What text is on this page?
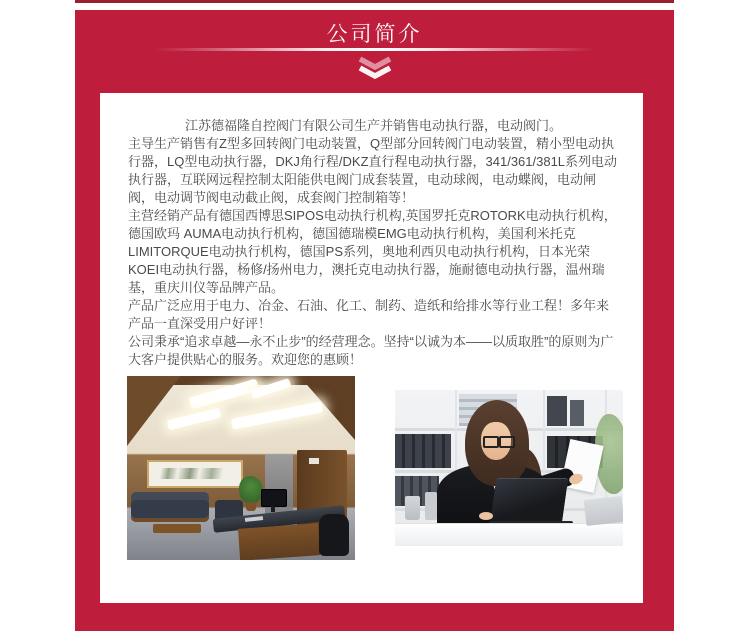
公司简介

江苏德福隆自控阀门有限公司生产并销售电动执行器，电动阀门。

主导生产销售有Z型多回转阀门电动装置，Q型部分回转阀门电动装置，精小型电动执行器，LQ型电动执行器，DKJ角行程/DKZ直行程电动执行器，341/361/381L系列电动执行器，互联网远程控制太阳能供电阀门成套装置，电动球阀，电动蝶阀，电动闸阀，电动调节阀电动截止阀，成套阀门控制箱等！

主营经销产品有德国西博思SIPOS电动执行机构,英国罗托克ROTORK电动执行机构，德国欧玛 AUMA电动执行机构，德国德瑞模EMG电动执行机构，美国利米托克LIMITORQUE电动执行机构，德国PS系列，奥地利西贝电动执行机构，日本光荣KOEI电动执行器，杨修/扬州电力，澳托克电动执行器，施耐德电动执行器，温州瑞基，重庆川仪等品牌产品。

产品广泛应用于电力、冶金、石油、化工、制药、造纸和给排水等行业工程！多年来产品一直深受用户好评！

公司秉承“追求卓越—永不止步”的经营理念。坚持“以诚为本——以质取胜”的原则为广大客户提供贴心的服务。欢迎您的惠顾！
